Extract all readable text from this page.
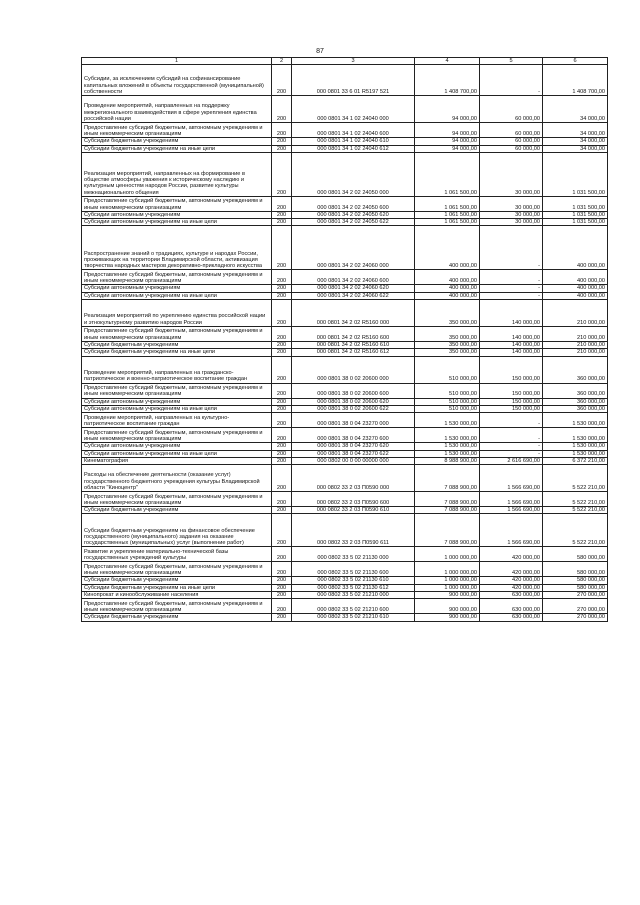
87
1	2	3	4	5	6
Субсидии, за исключением субсидий на софинансирование капитальных вложений в объекты государственной (муниципальной) собственности	200	000 0801 33 6 01 R5197 521	1 408 700,00	-	1 408 700,00
Проведение мероприятий, направленных на поддержку межрегионального взаимодействия в сфере укрепления единства российской нации	200	000 0801 34 1 02 24040 000	94 000,00	60 000,00	34 000,00
Предоставление субсидий бюджетным, автономным учреждениям и иным некоммерческим организациям	200	000 0801 34 1 02 24040 600	94 000,00	60 000,00	34 000,00
Субсидии бюджетным учреждениям	200	000 0801 34 1 02 24040 610	94 000,00	60 000,00	34 000,00
Субсидии бюджетным учреждениям на иные цели	200	000 0801 34 1 02 24040 612	94 000,00	60 000,00	34 000,00
Реализация мероприятий, направленных на формирование в обществе атмосферы уважения к историческому наследию и культурным ценностям народов России, развитие культуры межнационального общения	200	000 0801 34 2 02 24050 000	1 061 500,00	30 000,00	1 031 500,00
Предоставление субсидий бюджетным, автономным учреждениям и иным некоммерческим организациям	200	000 0801 34 2 02 24050 600	1 061 500,00	30 000,00	1 031 500,00
Субсидии автономным учреждениям	200	000 0801 34 2 02 24050 620	1 061 500,00	30 000,00	1 031 500,00
Субсидии автономным учреждениям на иные цели	200	000 0801 34 2 02 24050 622	1 061 500,00	30 000,00	1 031 500,00
Распространение знаний о традициях, культуре и народах России, проживающих на территории Владимирской области, активизация творчества народных мастеров декоративно-прикладного искусства	200	000 0801 34 2 02 24060 000	400 000,00	-	400 000,00
Предоставление субсидий бюджетным, автономным учреждениям и иным некоммерческим организациям	200	000 0801 34 2 02 24060 600	400 000,00	-	400 000,00
Субсидии автономным учреждениям	200	000 0801 34 2 02 24060 620	400 000,00	-	400 000,00
Субсидии автономным учреждениям на иные цели	200	000 0801 34 2 02 24060 622	400 000,00	-	400 000,00
Реализация мероприятий по укреплению единства российской нации и этнокультурному развитию народов России	200	000 0801 34 2 02 R5160 000	350 000,00	140 000,00	210 000,00
Предоставление субсидий бюджетным, автономным учреждениям и иным некоммерческим организациям	200	000 0801 34 2 02 R5160 600	350 000,00	140 000,00	210 000,00
Субсидии бюджетным учреждениям	200	000 0801 34 2 02 R5160 610	350 000,00	140 000,00	210 000,00
Субсидии бюджетным учреждениям на иные цели	200	000 0801 34 2 02 R5160 612	350 000,00	140 000,00	210 000,00
Проведение мероприятий, направленных на гражданско-патриотическое и военно-патриотическое воспитание граждан	200	000 0801 38 0 02 20600 000	510 000,00	150 000,00	360 000,00
Предоставление субсидий бюджетным, автономным учреждениям и иным некоммерческим организациям	200	000 0801 38 0 02 20600 600	510 000,00	150 000,00	360 000,00
Субсидии автономным учреждениям	200	000 0801 38 0 02 20600 620	510 000,00	150 000,00	360 000,00
Субсидии автономным учреждениям на иные цели	200	000 0801 38 0 02 20600 622	510 000,00	150 000,00	360 000,00
Проведение мероприятий, направленных на культурно-патриотическое воспитание граждан	200	000 0801 38 0 04 23270 000	1 530 000,00	-	1 530 000,00
Предоставление субсидий бюджетным, автономным учреждениям и иным некоммерческим организациям	200	000 0801 38 0 04 23270 600	1 530 000,00	-	1 530 000,00
Субсидии автономным учреждениям	200	000 0801 38 0 04 23270 620	1 530 000,00	-	1 530 000,00
Субсидии автономным учреждениям на иные цели	200	000 0801 38 0 04 23270 622	1 530 000,00	-	1 530 000,00
Кинематография	200	000 0802 00 0 00 00000 000	8 988 900,00	2 616 690,00	6 372 210,00
Расходы на обеспечение деятельности (оказание услуг) государственного бюджетного учреждения культуры Владимирской области "Киноцентр"	200	000 0802 33 2 03 П0590 000	7 088 900,00	1 566 690,00	5 522 210,00
Предоставление субсидий бюджетным, автономным учреждениям и иным некоммерческим организациям	200	000 0802 33 2 03 П0590 600	7 088 900,00	1 566 690,00	5 522 210,00
Субсидии бюджетным учреждениям	200	000 0802 33 2 03 П0590 610	7 088 900,00	1 566 690,00	5 522 210,00
Субсидии бюджетным учреждениям на финансовое обеспечение государственного (муниципального) задания на оказание государственных (муниципальных) услуг (выполнение работ)	200	000 0802 33 2 03 П0590 611	7 088 900,00	1 566 690,00	5 522 210,00
Развитие и укрепление материально-технической базы государственных учреждений культуры	200	000 0802 33 5 02 21130 000	1 000 000,00	420 000,00	580 000,00
Предоставление субсидий бюджетным, автономным учреждениям и иным некоммерческим организациям	200	000 0802 33 5 02 21130 600	1 000 000,00	420 000,00	580 000,00
Субсидии бюджетным учреждениям	200	000 0802 33 5 02 21130 610	1 000 000,00	420 000,00	580 000,00
Субсидии бюджетным учреждениям на иные цели	200	000 0802 33 5 02 21130 612	1 000 000,00	420 000,00	580 000,00
Кинопрокат и кинообслуживание населения	200	000 0802 33 5 02 21210 000	900 000,00	630 000,00	270 000,00
Предоставление субсидий бюджетным, автономным учреждениям и иным некоммерческим организациям	200	000 0802 33 5 02 21210 600	900 000,00	630 000,00	270 000,00
Субсидии бюджетным учреждениям	200	000 0802 33 5 02 21210 610	900 000,00	630 000,00	270 000,00
